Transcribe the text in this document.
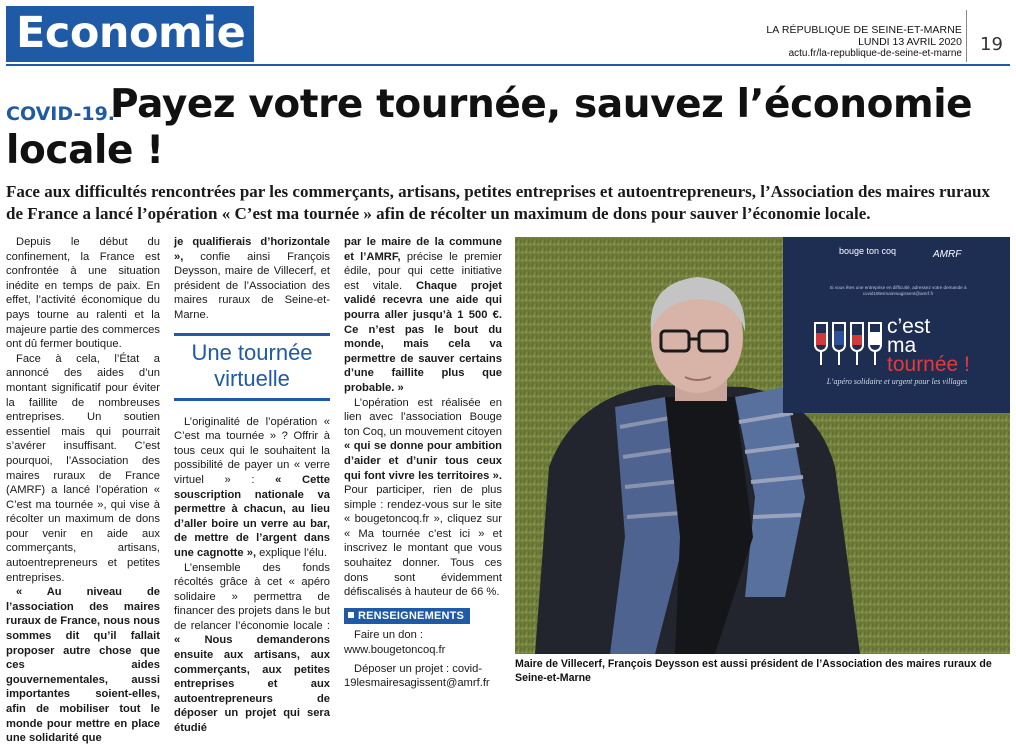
Economie	LA RÉPUBLIQUE DE SEINE-ET-MARNE
LUNDI 13 AVRIL 2020
actu.fr/la-republique-de-seine-et-marne 19
Payez votre tournée, sauvez l’économie locale !
COVID-19.
Face aux difficultés rencontrées par les commerçants, artisans, petites entreprises et autoentrepreneurs, l’Association des maires ruraux de France a lancé l’opération « C’est ma tournée » afin de récolter un maximum de dons pour sauver l’économie locale.

Depuis le début du confinement, la France est confrontée à une situation inédite en temps de paix. En effet, l’activité économique du pays tourne au ralenti et la majeure partie des commerces ont dû fermer boutique.

Face à cela, l’État a annoncé des aides d’un montant significatif pour éviter la faillite de nombreuses entreprises. Un soutien essentiel mais qui pourrait s’avérer insuffisant. C’est pourquoi, l’Association des maires ruraux de France (AMRF) a lancé l’opération « C’est ma tournée », qui vise à récolter un maximum de dons pour venir en aide aux commerçants, artisans, autoentrepreneurs et petites entreprises.

« Au niveau de l’association des maires ruraux de France, nous nous sommes dit qu’il fallait proposer autre chose que ces aides gouvernementales, aussi importantes soient-elles, afin de mobiliser tout le monde pour mettre en place une solidarité que

je qualifierais d’horizontale », confie ainsi François Deysson, maire de Villecerf, et président de l’Association des maires ruraux de Seine-et-Marne.

Une tournée virtuelle

L’originalité de l’opération « C’est ma tournée » ? Offrir à tous ceux qui le souhaitent la possibilité de payer un « verre virtuel » : « Cette souscription nationale va permettre à chacun, au lieu d’aller boire un verre au bar, de mettre de l’argent dans une cagnotte », explique l’élu.

L’ensemble des fonds récoltés grâce à cet « apéro solidaire » permettra de financer des projets dans le but de relancer l’économie locale : « Nous demanderons ensuite aux artisans, aux commerçants, aux petites entreprises et aux autoentrepreneurs de déposer un projet qui sera étudié

par le maire de la commune et l’AMRF, précise le premier édile, pour qui cette initiative est vitale. Chaque projet validé recevra une aide qui pourra aller jusqu’à 1 500 €. Ce n’est pas le bout du monde, mais cela va permettre de sauver certains d’une faillite plus que probable. »

L’opération est réalisée en lien avec l’association Bouge ton Coq, un mouvement citoyen « qui se donne pour ambition d’aider et d’unir tous ceux qui font vivre les territoires ». Pour participer, rien de plus simple : rendez-vous sur le site « bougetoncoq.fr », cliquez sur « Ma tournée c’est ici » et inscrivez le montant que vous souhaitez donner. Tous ces dons sont évidemment défiscalisés à hauteur de 66 %.

RENSEIGNEMENTS

Faire un don : www.bougetoncoq.fr

Déposer un projet : covid-19lesmairesagissent@amrf.fr

bouge ton coq	AMRF
Si vous êtes une entreprise en difficulté, adressez votre demande à covid19lesmairesagissent@amrf.fr
c’est
ma
tournée !
L’apéro solidaire et urgent pour les villages
Maire de Villecerf, François Deysson est aussi président de l’Association des maires ruraux de Seine-et-Marne
